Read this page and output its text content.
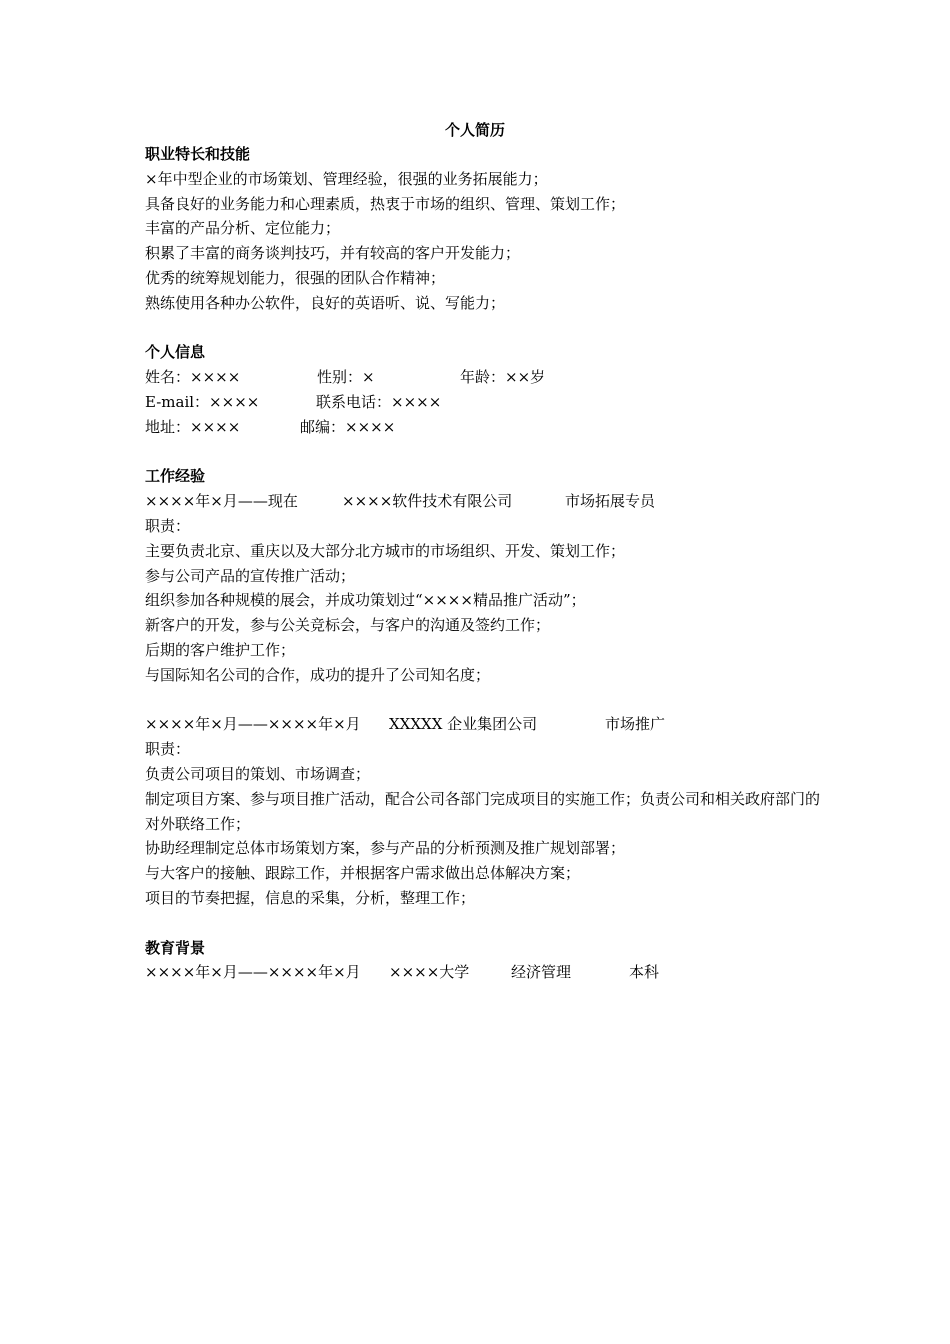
个人简历
职业特长和技能
×年中型企业的市场策划、管理经验，很强的业务拓展能力；
具备良好的业务能力和心理素质，热衷于市场的组织、管理、策划工作；
丰富的产品分析、定位能力；
积累了丰富的商务谈判技巧，并有较高的客户开发能力；
优秀的统筹规划能力，很强的团队合作精神；
熟练使用各种办公软件，良好的英语听、说、写能力；
个人信息
姓名：××××	性别：×	年龄：××岁
E-mail：××××	联系电话：××××
地址：××××	邮编：××××
工作经验
××××年×月——现在	××××软件技术有限公司	市场拓展专员
职责：
主要负责北京、重庆以及大部分北方城市的市场组织、开发、策划工作；
参与公司产品的宣传推广活动；
组织参加各种规模的展会，并成功策划过“××××精品推广活动”；
新客户的开发，参与公关竞标会，与客户的沟通及签约工作；
后期的客户维护工作；
与国际知名公司的合作，成功的提升了公司知名度；
××××年×月——××××年×月 XXXXX 企业集团公司	市场推广
职责：
负责公司项目的策划、市场调查；
制定项目方案、参与项目推广活动，配合公司各部门完成项目的实施工作；负责公司和相关政府部门的对外联络工作；
协助经理制定总体市场策划方案，参与产品的分析预测及推广规划部署；
与大客户的接触、跟踪工作，并根据客户需求做出总体解决方案；
项目的节奏把握，信息的采集，分析，整理工作；
教育背景
××××年×月——××××年×月 ××××大学	经济管理	本科
